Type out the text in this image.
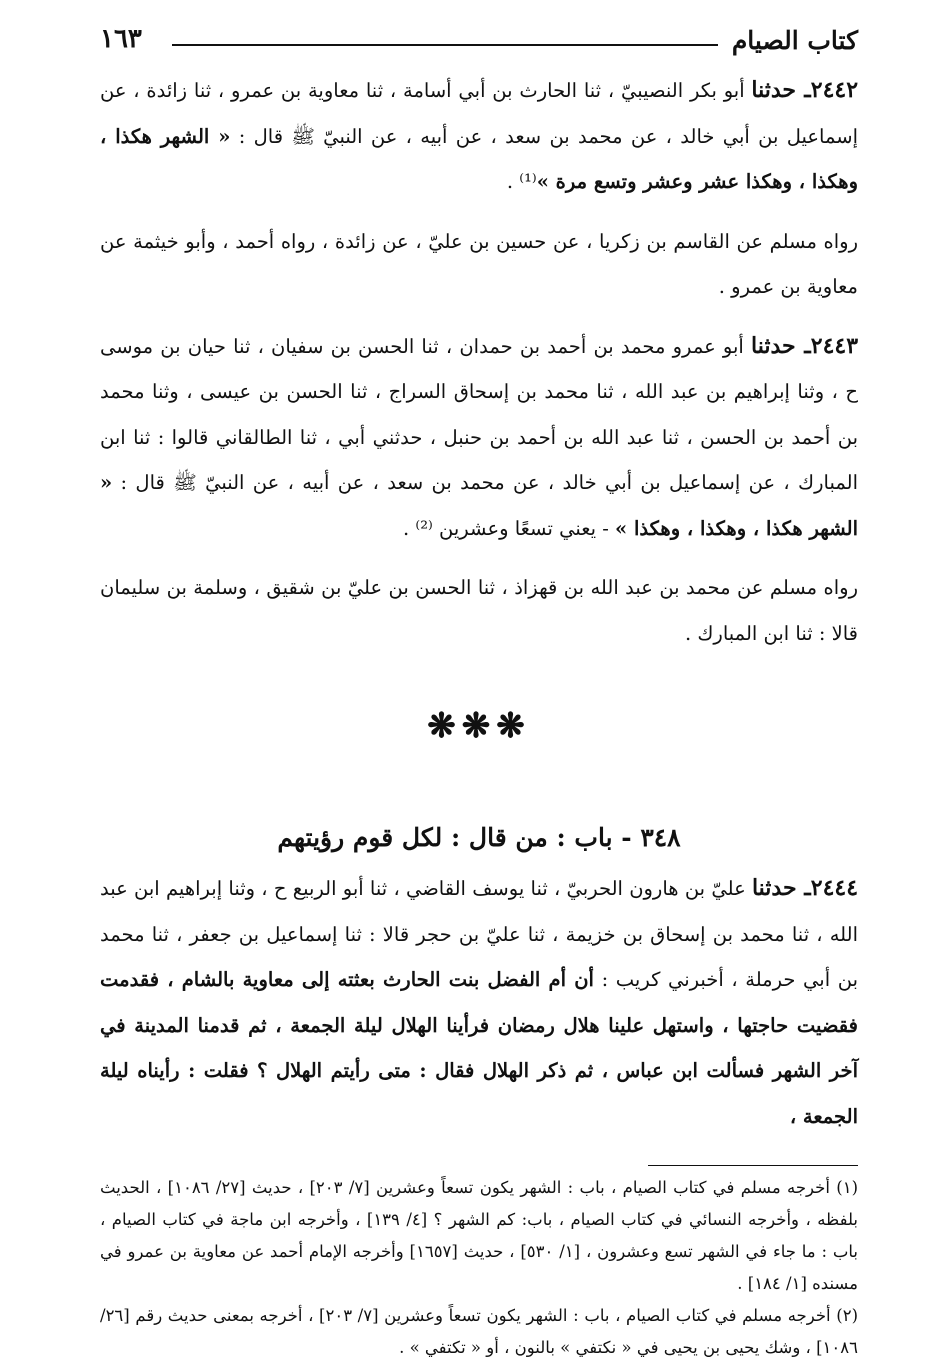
كتاب الصيام
١٦٣

٢٤٤٢ـ حدثنا أبو بكر النصيبيّ ، ثنا الحارث بن أبي أسامة ، ثنا معاوية بن عمرو ، ثنا زائدة ، عن إسماعيل بن أبي خالد ، عن محمد بن سعد ، عن أبيه ، عن النبيّ ﷺ قال : « الشهر هكذا ، وهكذا ، وهكذا عشر وعشر وتسع مرة »⁽¹⁾ .

رواه مسلم عن القاسم بن زكريا ، عن حسين بن عليّ ، عن زائدة ، رواه أحمد ، وأبو خيثمة عن معاوية بن عمرو .

٢٤٤٣ـ حدثنا أبو عمرو محمد بن أحمد بن حمدان ، ثنا الحسن بن سفيان ، ثنا حيان بن موسى ح ، وثنا إبراهيم بن عبد الله ، ثنا محمد بن إسحاق السراج ، ثنا الحسن بن عيسى ، وثنا محمد بن أحمد بن الحسن ، ثنا عبد الله بن أحمد بن حنبل ، حدثني أبي ، ثنا الطالقاني قالوا : ثنا ابن المبارك ، عن إسماعيل بن أبي خالد ، عن محمد بن سعد ، عن أبيه ، عن النبيّ ﷺ قال : « الشهر هكذا ، وهكذا ، وهكذا » - يعني تسعًا وعشرين ⁽²⁾ .

رواه مسلم عن محمد بن عبد الله بن قهزاذ ، ثنا الحسن بن عليّ بن شقيق ، وسلمة بن سليمان قالا : ثنا ابن المبارك .

❋❋❋
٣٤٨ - باب : من قال : لكل قوم رؤيتهم

٢٤٤٤ـ حدثنا عليّ بن هارون الحربيّ ، ثنا يوسف القاضي ، ثنا أبو الربيع ح ، وثنا إبراهيم ابن عبد الله ، ثنا محمد بن إسحاق بن خزيمة ، ثنا عليّ بن حجر قالا : ثنا إسماعيل بن جعفر ، ثنا محمد بن أبي حرملة ، أخبرني كريب : أن أم الفضل بنت الحارث بعثته إلى معاوية بالشام ، فقدمت فقضيت حاجتها ، واستهل علينا هلال رمضان فرأينا الهلال ليلة الجمعة ، ثم قدمنا المدينة في آخر الشهر فسألت ابن عباس ، ثم ذكر الهلال فقال : متى رأيتم الهلال ؟ فقلت : رأيناه ليلة الجمعة ،

(١) أخرجه مسلم في كتاب الصيام ، باب : الشهر يكون تسعاً وعشرين [٧/ ٢٠٣] ، حديث [٢٧/ ١٠٨٦] ، الحديث بلفظه ، وأخرجه النسائي في كتاب الصيام ، باب: كم الشهر ؟ [٤/ ١٣٩] ، وأخرجه ابن ماجة في كتاب الصيام ، باب : ما جاء في الشهر تسع وعشرون ، [١/ ٥٣٠] ، حديث [١٦٥٧] وأخرجه الإمام أحمد عن معاوية بن عمرو في مسنده [١/ ١٨٤] .

(٢) أخرجه مسلم في كتاب الصيام ، باب : الشهر يكون تسعاً وعشرين [٧/ ٢٠٣] ، أخرجه بمعنى حديث رقم [٢٦/ ١٠٨٦] ، وشك يحيى بن يحيى في « نكتفي » بالنون ، أو « تكتفي » .
